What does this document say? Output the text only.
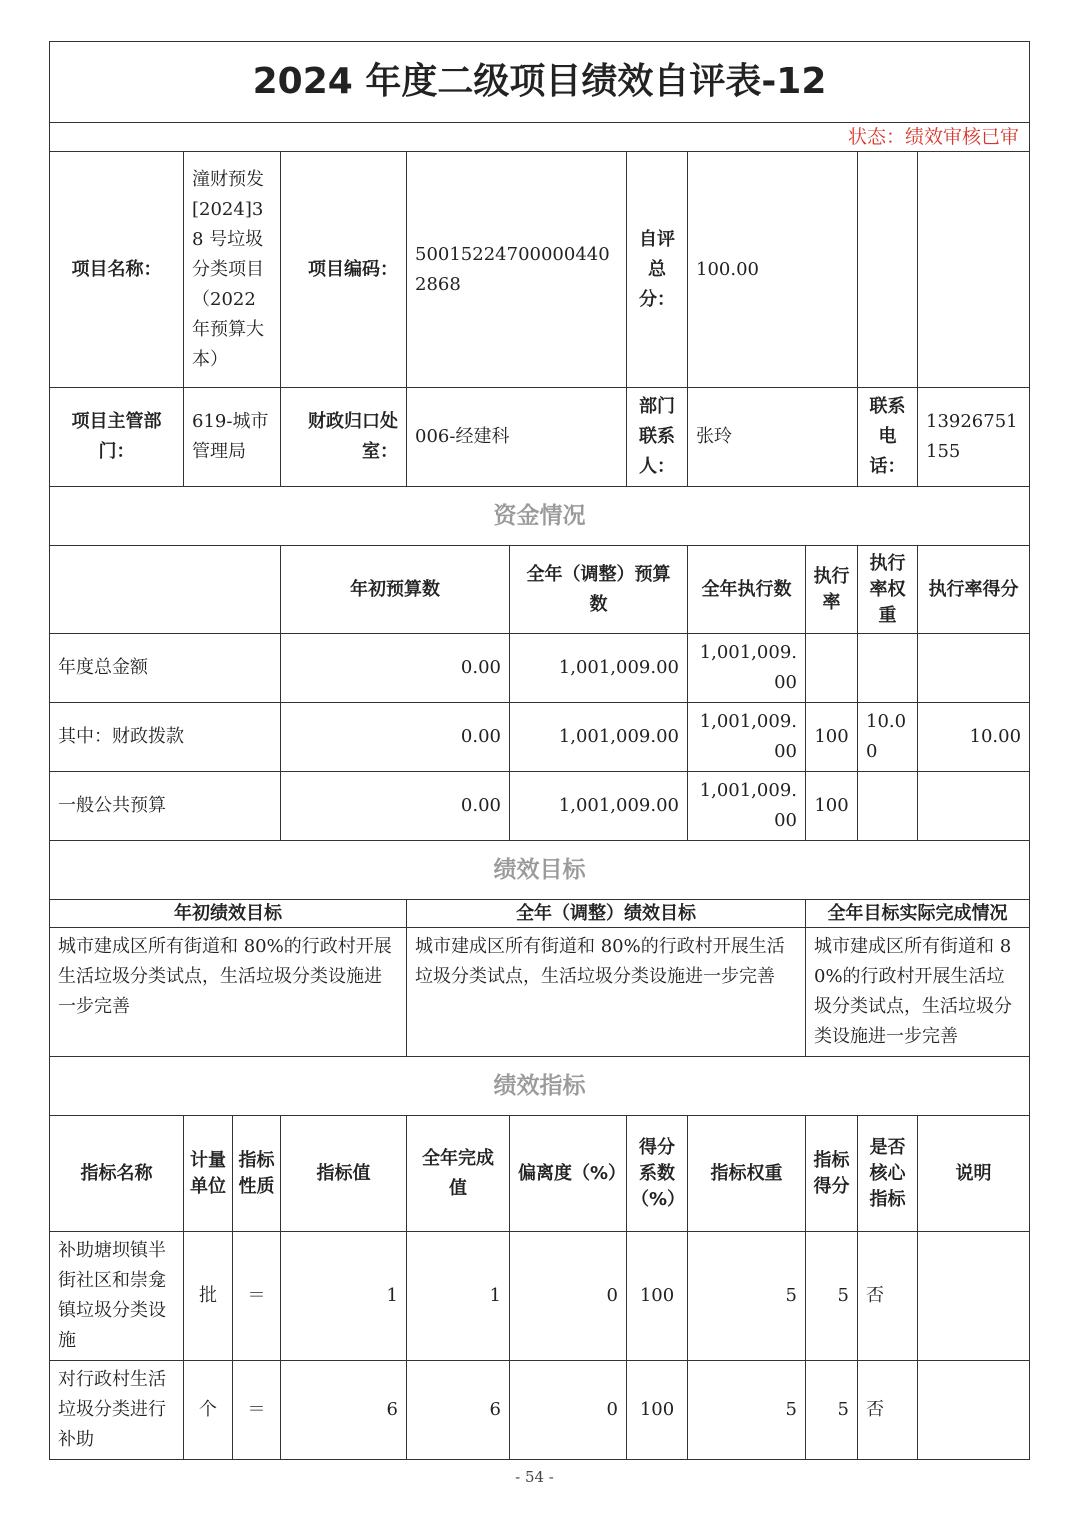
2024 年度二级项目绩效自评表-12										
状态：绩效审核已审										
项目名称：	潼财预发[2024]38 号垃圾分类项目（2022 年预算大本）		项目编码：	500152247000004402868		自评总分：	100.00			
项目主管部门：	619-城市管理局		财政归口处室：	006-经建科		部门联系人：	张玲		联系电话：	13926751155
资金情况										
			年初预算数		全年（调整）预算数		全年执行数	执行率	执行率权重	执行率得分
年度总金额			0.00		1,001,009.00		1,001,009.00			
其中：财政拨款			0.00		1,001,009.00		1,001,009.00	100	10.00	10.00
一般公共预算			0.00		1,001,009.00		1,001,009.00	100		
绩效目标										
年初绩效目标				全年（调整）绩效目标				全年目标实际完成情况		
城市建成区所有街道和 80%的行政村开展生活垃圾分类试点，生活垃圾分类设施进一步完善				城市建成区所有街道和 80%的行政村开展生活垃圾分类试点，生活垃圾分类设施进一步完善				城市建成区所有街道和 80%的行政村开展生活垃圾分类试点，生活垃圾分类设施进一步完善		
绩效指标										
指标名称	计量单位	指标性质	指标值	全年完成值	偏离度（%）	得分系数（%）	指标权重	指标得分	是否核心指标	说明
补助塘坝镇半街社区和崇龛镇垃圾分类设施	批	＝	1	1	0	100	5	5	否	
对行政村生活垃圾分类进行补助	个	＝	6	6	0	100	5	5	否	
- 54 -
